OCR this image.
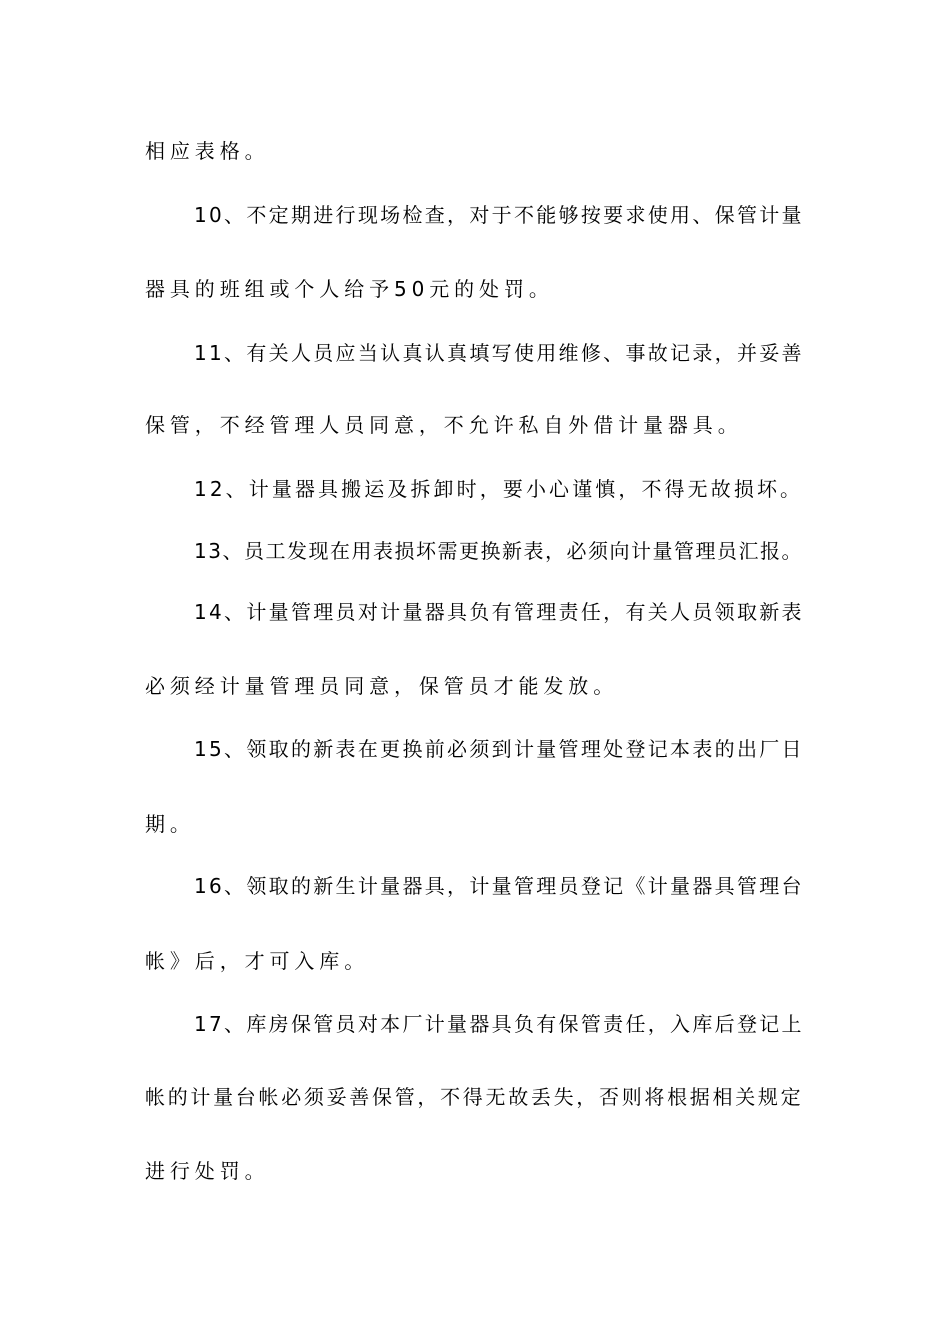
相应表格。
10、不定期进行现场检查，对于不能够按要求使用、保管计量
器具的班组或个人给予50元的处罚。
11、有关人员应当认真认真填写使用维修、事故记录，并妥善
保管，不经管理人员同意，不允许私自外借计量器具。
12、计量器具搬运及拆卸时，要小心谨慎，不得无故损坏。
13、员工发现在用表损坏需更换新表，必须向计量管理员汇报。
14、计量管理员对计量器具负有管理责任，有关人员领取新表
必须经计量管理员同意，保管员才能发放。
15、领取的新表在更换前必须到计量管理处登记本表的出厂日
期。
16、领取的新生计量器具，计量管理员登记《计量器具管理台
帐》后，才可入库。
17、库房保管员对本厂计量器具负有保管责任，入库后登记上
帐的计量台帐必须妥善保管，不得无故丢失，否则将根据相关规定
进行处罚。
